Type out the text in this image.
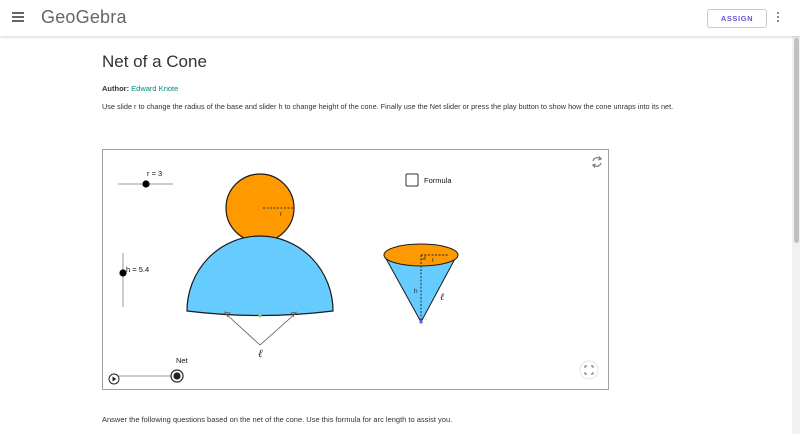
GeoGebra	ASSIGN
Net of a Cone
Author: Edward Knote

Use slide r to change the radius of the base and slider h to change height of the cone. Finally use the Net slider or press the play button to show how the cone unraps into its net.

r = 3
h = 5.4
Net
r
ℓ
r
h
ℓ
Formula

Answer the following questions based on the net of the cone. Use this formula for arc length to assist you.
